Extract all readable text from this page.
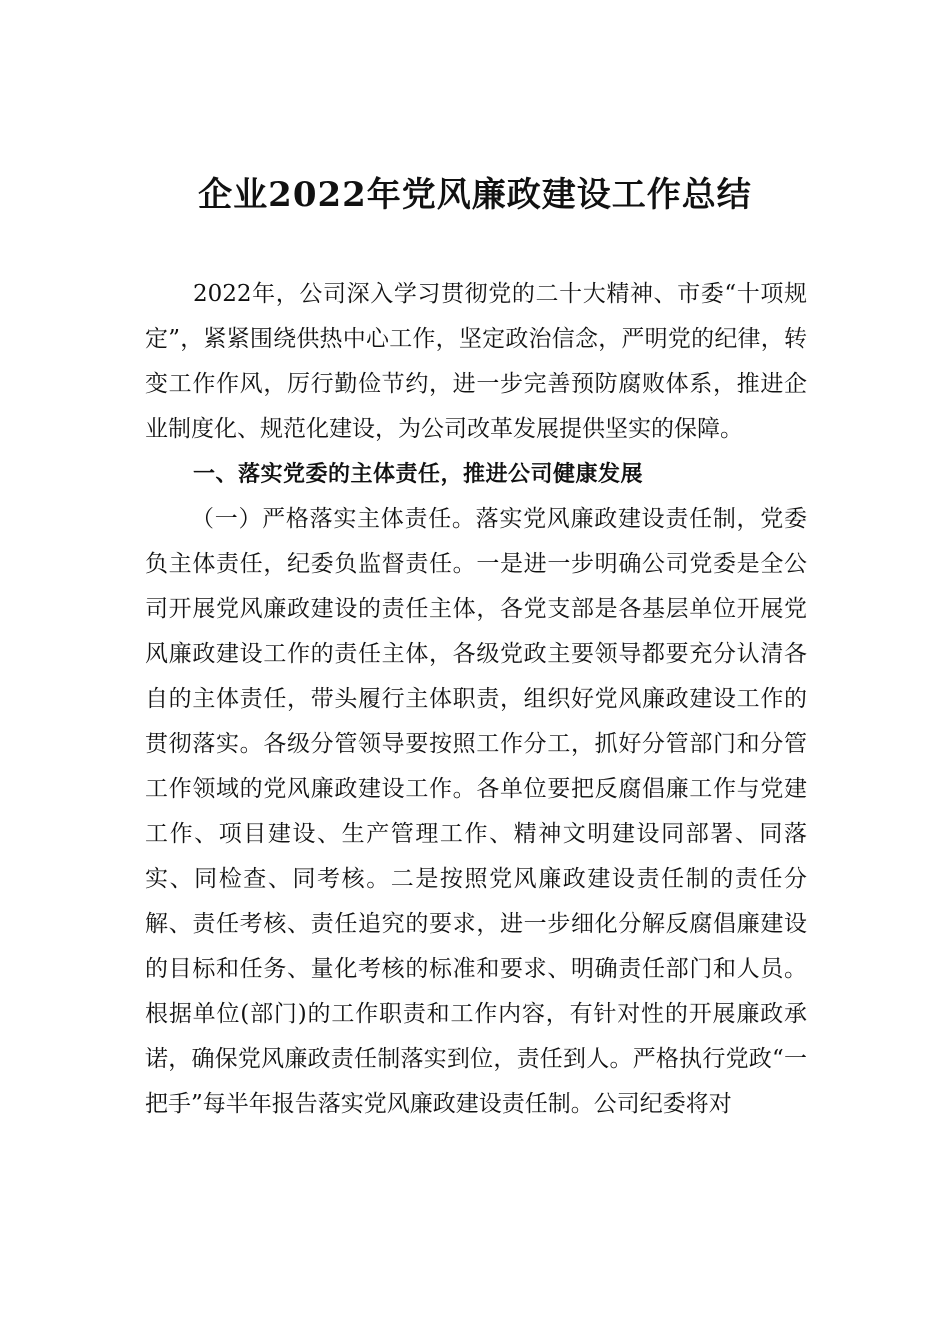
企业2022年党风廉政建设工作总结

2022年，公司深入学习贯彻党的二十大精神、市委“十项规定”，紧紧围绕供热中心工作，坚定政治信念，严明党的纪律，转变工作作风，厉行勤俭节约，进一步完善预防腐败体系，推进企业制度化、规范化建设，为公司改革发展提供坚实的保障。

一、落实党委的主体责任，推进公司健康发展

（一）严格落实主体责任。落实党风廉政建设责任制，党委负主体责任，纪委负监督责任。一是进一步明确公司党委是全公司开展党风廉政建设的责任主体，各党支部是各基层单位开展党风廉政建设工作的责任主体，各级党政主要领导都要充分认清各自的主体责任，带头履行主体职责，组织好党风廉政建设工作的贯彻落实。各级分管领导要按照工作分工，抓好分管部门和分管工作领域的党风廉政建设工作。各单位要把反腐倡廉工作与党建工作、项目建设、生产管理工作、精神文明建设同部署、同落实、同检查、同考核。二是按照党风廉政建设责任制的责任分解、责任考核、责任追究的要求，进一步细化分解反腐倡廉建设的目标和任务、量化考核的标准和要求、明确责任部门和人员。根据单位(部门)的工作职责和工作内容，有针对性的开展廉政承诺，确保党风廉政责任制落实到位，责任到人。严格执行党政“一把手”每半年报告落实党风廉政建设责任制。公司纪委将对
